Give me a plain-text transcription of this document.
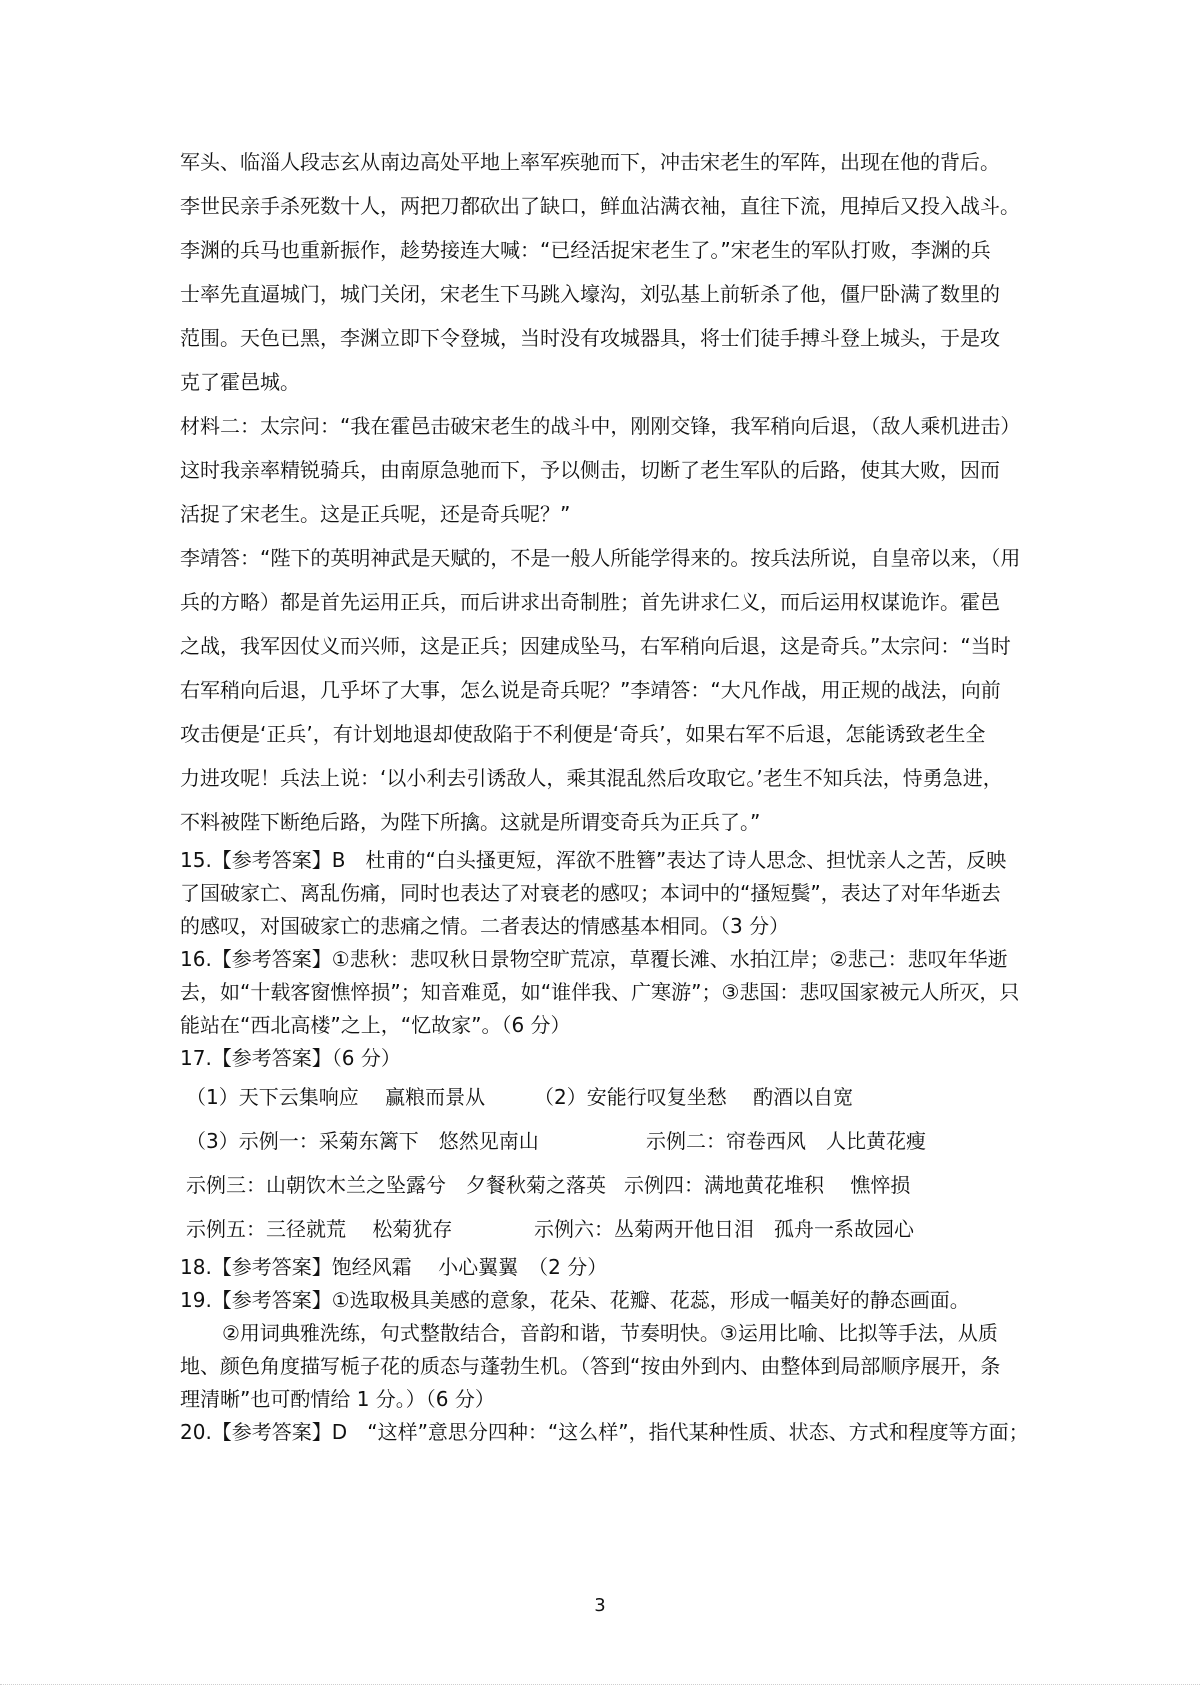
军头、临淄人段志玄从南边高处平地上率军疾驰而下，冲击宋老生的军阵，出现在他的背后。

李世民亲手杀死数十人，两把刀都砍出了缺口，鲜血沾满衣袖，直往下流，甩掉后又投入战斗。

李渊的兵马也重新振作，趁势接连大喊：“已经活捉宋老生了。”宋老生的军队打败，李渊的兵

士率先直逼城门，城门关闭，宋老生下马跳入壕沟，刘弘基上前斩杀了他，僵尸卧满了数里的

范围。天色已黑，李渊立即下令登城，当时没有攻城器具，将士们徒手搏斗登上城头，于是攻

克了霍邑城。

材料二：太宗问：“我在霍邑击破宋老生的战斗中，刚刚交锋，我军稍向后退，（敌人乘机进击）

这时我亲率精锐骑兵，由南原急驰而下，予以侧击，切断了老生军队的后路，使其大败，因而

活捉了宋老生。这是正兵呢，还是奇兵呢？”

李靖答：“陛下的英明神武是天赋的，不是一般人所能学得来的。按兵法所说，自皇帝以来，（用

兵的方略）都是首先运用正兵，而后讲求出奇制胜；首先讲求仁义，而后运用权谋诡诈。霍邑

之战，我军因仗义而兴师，这是正兵；因建成坠马，右军稍向后退，这是奇兵。”太宗问：“当时

右军稍向后退，几乎坏了大事，怎么说是奇兵呢？”李靖答：“大凡作战，用正规的战法，向前

攻击便是‘正兵’，有计划地退却使敌陷于不利便是‘奇兵’，如果右军不后退，怎能诱致老生全

力进攻呢！兵法上说：‘以小利去引诱敌人，乘其混乱然后攻取它。’老生不知兵法，恃勇急进，

不料被陛下断绝后路，为陛下所擒。这就是所谓变奇兵为正兵了。”

15.【参考答案】B　杜甫的“白头搔更短，浑欲不胜簪”表达了诗人思念、担忧亲人之苦，反映

了国破家亡、离乱伤痛，同时也表达了对衰老的感叹；本词中的“搔短鬓”，表达了对年华逝去

的感叹，对国破家亡的悲痛之情。二者表达的情感基本相同。（3 分）

16.【参考答案】①悲秋：悲叹秋日景物空旷荒凉，草覆长滩、水拍江岸；②悲己：悲叹年华逝

去，如“十载客窗憔悴损”；知音难觅，如“谁伴我、广寒游”；③悲国：悲叹国家被元人所灭，只

能站在“西北高楼”之上，“忆故家”。（6 分）

17.【参考答案】（6 分）

（1）天下云集响应　 赢粮而景从	（2）安能行叹复坐愁　 酌酒以自宽
（3）示例一：采菊东篱下　悠然见南山	示例二：帘卷西风　人比黄花瘦
示例三：山朝饮木兰之坠露兮　夕餐秋菊之落英 示例四：满地黄花堆积　 憔悴损
示例五：三径就荒　 松菊犹存	示例六：丛菊两开他日泪　孤舟一系故园心

18.【参考答案】饱经风霜　 小心翼翼　（2 分）

19.【参考答案】①选取极具美感的意象，花朵、花瓣、花蕊，形成一幅美好的静态画面。

②用词典雅洗练，句式整散结合，音韵和谐，节奏明快。③运用比喻、比拟等手法，从质

地、颜色角度描写栀子花的质态与蓬勃生机。（答到“按由外到内、由整体到局部顺序展开，条

理清晰”也可酌情给 1 分。）（6 分）

20.【参考答案】D　“这样”意思分四种：“这么样”，指代某种性质、状态、方式和程度等方面；

3
